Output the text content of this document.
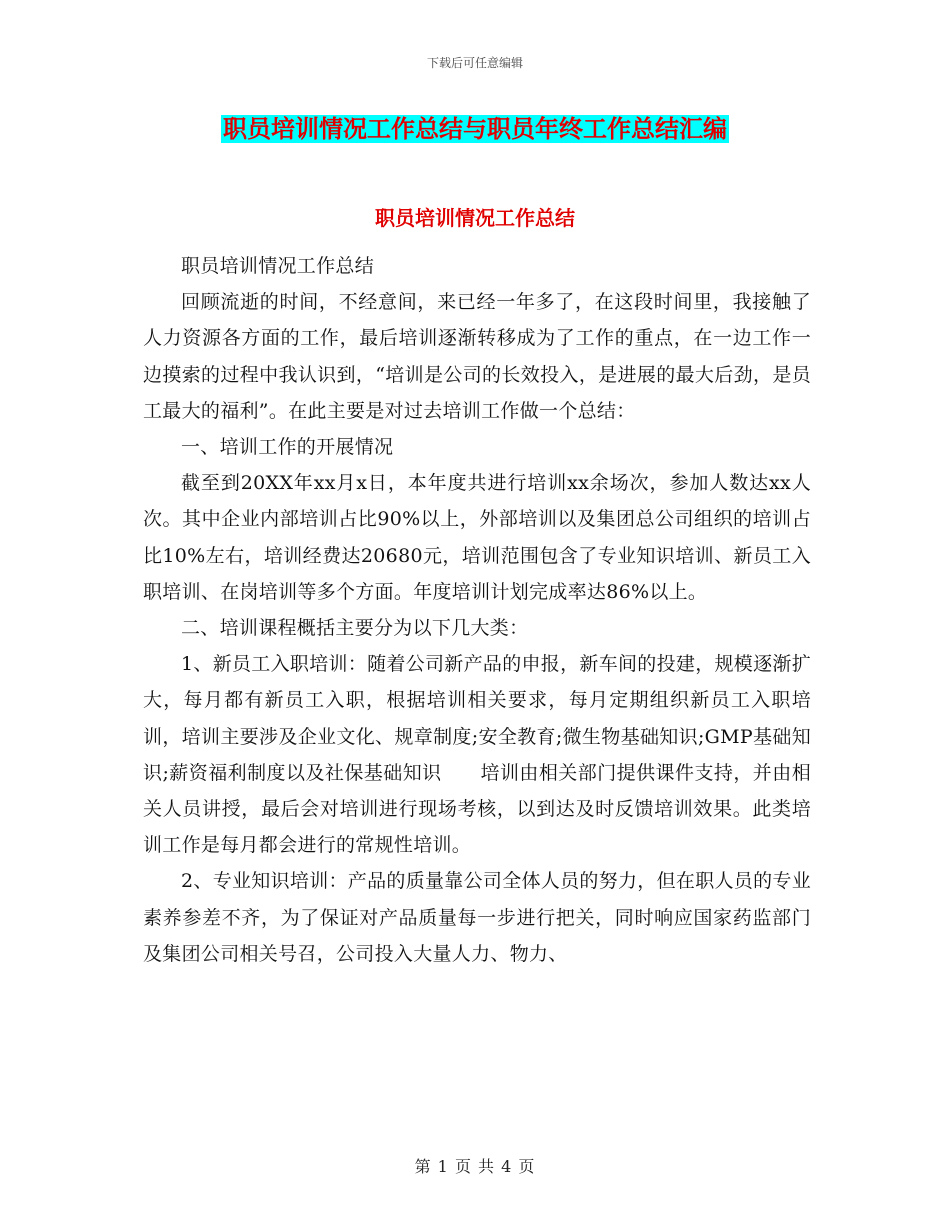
下载后可任意编辑
职员培训情况工作总结与职员年终工作总结汇编
职员培训情况工作总结

职员培训情况工作总结

回顾流逝的时间，不经意间，来已经一年多了，在这段时间里，我接触了人力资源各方面的工作，最后培训逐渐转移成为了工作的重点，在一边工作一边摸索的过程中我认识到，“培训是公司的长效投入，是进展的最大后劲，是员工最大的福利”。在此主要是对过去培训工作做一个总结：

一、培训工作的开展情况

截至到20XX年xx月x日，本年度共进行培训xx余场次，参加人数达xx人次。其中企业内部培训占比90%以上，外部培训以及集团总公司组织的培训占比10%左右，培训经费达20680元，培训范围包含了专业知识培训、新员工入职培训、在岗培训等多个方面。年度培训计划完成率达86%以上。

二、培训课程概括主要分为以下几大类：

1、新员工入职培训：随着公司新产品的申报，新车间的投建，规模逐渐扩大，每月都有新员工入职，根据培训相关要求，每月定期组织新员工入职培训，培训主要涉及企业文化、规章制度;安全教育;微生物基础知识;GMP基础知识;薪资福利制度以及社保基础知识　　培训由相关部门提供课件支持，并由相关人员讲授，最后会对培训进行现场考核，以到达及时反馈培训效果。此类培训工作是每月都会进行的常规性培训。

2、专业知识培训：产品的质量靠公司全体人员的努力，但在职人员的专业素养参差不齐，为了保证对产品质量每一步进行把关，同时响应国家药监部门及集团公司相关号召，公司投入大量人力、物力、

第 1 页 共 4 页
